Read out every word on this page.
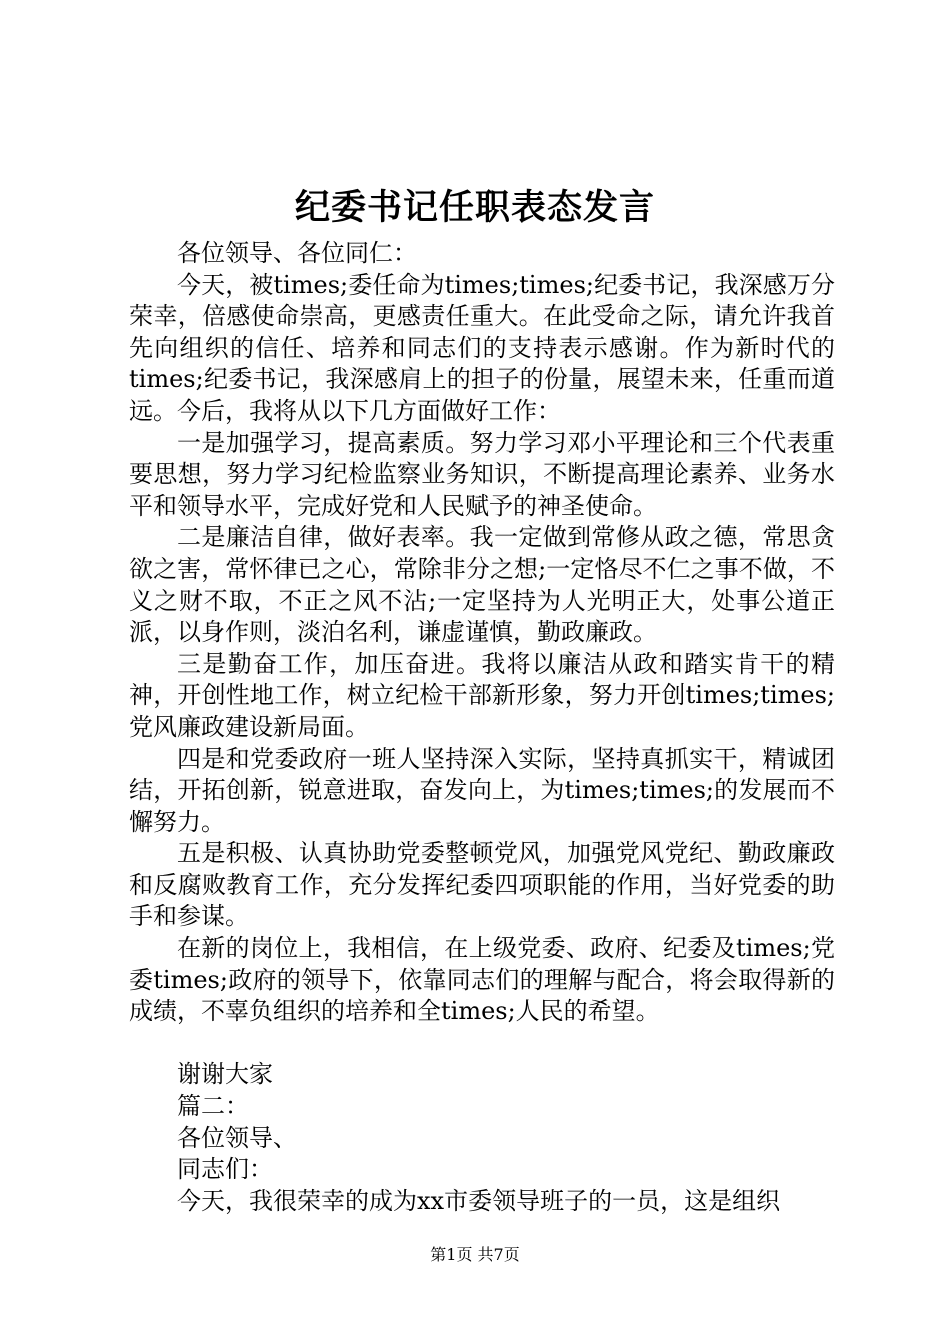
纪委书记任职表态发言

各位领导、各位同仁：

今天，被times;委任命为times;times;纪委书记，我深感万分荣幸，倍感使命崇高，更感责任重大。在此受命之际，请允许我首先向组织的信任、培养和同志们的支持表示感谢。作为新时代的times;纪委书记，我深感肩上的担子的份量，展望未来，任重而道远。今后，我将从以下几方面做好工作：

一是加强学习，提高素质。努力学习邓小平理论和三个代表重要思想，努力学习纪检监察业务知识，不断提高理论素养、业务水平和领导水平，完成好党和人民赋予的神圣使命。

二是廉洁自律，做好表率。我一定做到常修从政之德，常思贪欲之害，常怀律已之心，常除非分之想;一定恪尽不仁之事不做，不义之财不取，不正之风不沾;一定坚持为人光明正大，处事公道正派，以身作则，淡泊名利，谦虚谨慎，勤政廉政。

三是勤奋工作，加压奋进。我将以廉洁从政和踏实肯干的精神，开创性地工作，树立纪检干部新形象，努力开创times;times;党风廉政建设新局面。

四是和党委政府一班人坚持深入实际，坚持真抓实干，精诚团结，开拓创新，锐意进取，奋发向上，为times;times;的发展而不懈努力。

五是积极、认真协助党委整顿党风，加强党风党纪、勤政廉政和反腐败教育工作，充分发挥纪委四项职能的作用，当好党委的助手和参谋。

在新的岗位上，我相信，在上级党委、政府、纪委及times;党委times;政府的领导下，依靠同志们的理解与配合，将会取得新的成绩，不辜负组织的培养和全times;人民的希望。

谢谢大家

篇二：

各位领导、

同志们：

今天，我很荣幸的成为xx市委领导班子的一员，这是组织

第1页 共7页
